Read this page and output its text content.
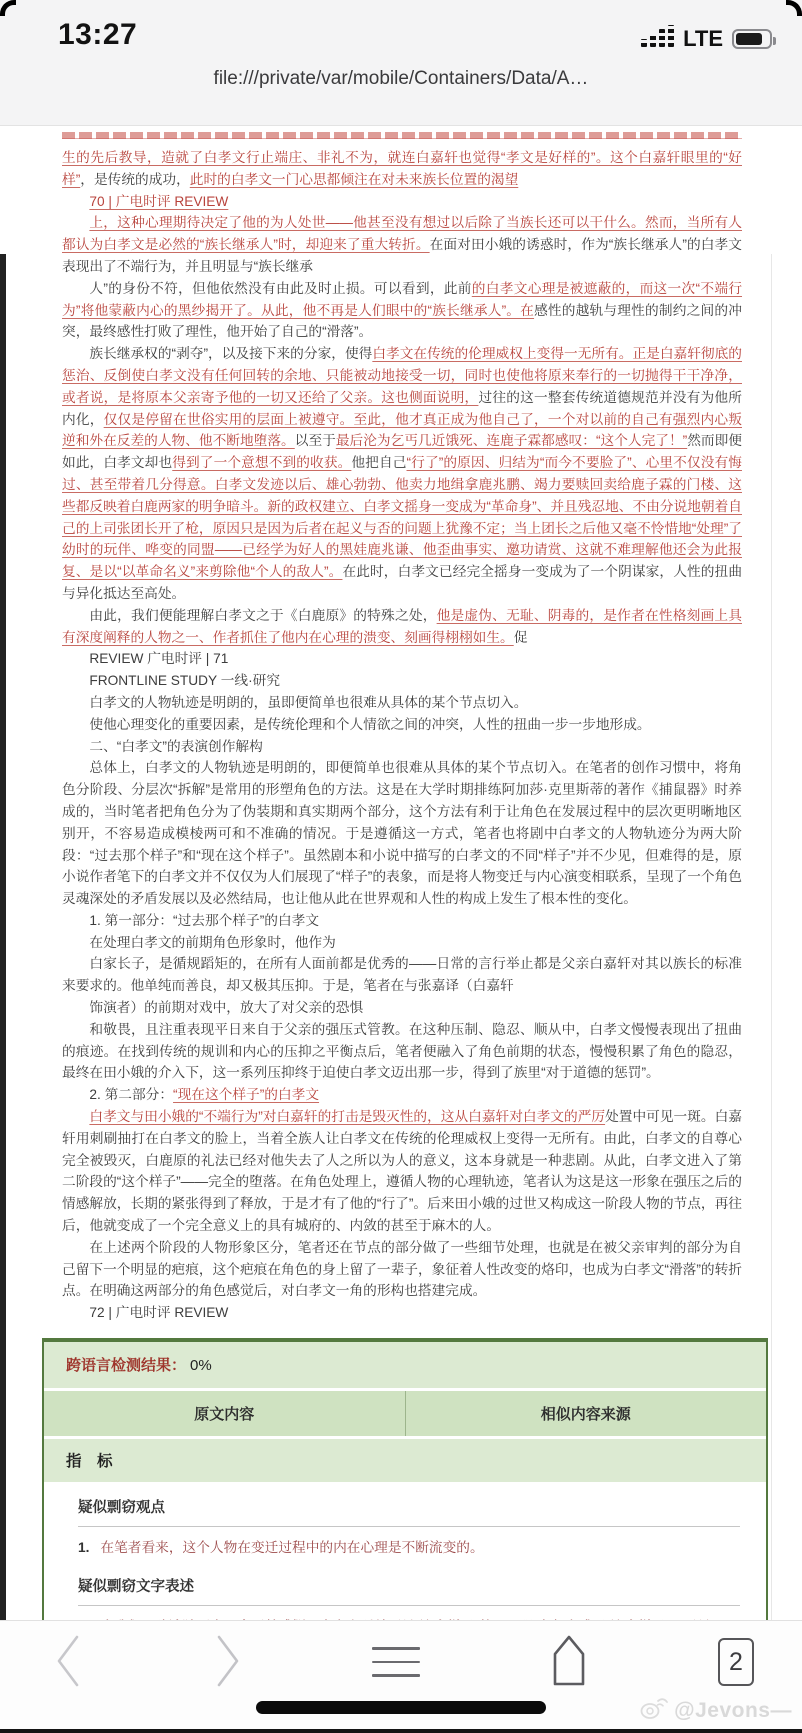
13:27	LTE
file:///private/var/mobile/Containers/Data/A…

生的先后教导，造就了白孝文行止端庄、非礼不为，就连白嘉轩也觉得“孝文是好样的”。这个白嘉轩眼里的“好样”，是传统的成功，此时的白孝文一门心思都倾注在对未来族长位置的渴望

70 | 广电时评 REVIEW

上，这种心理期待决定了他的为人处世——他甚至没有想过以后除了当族长还可以干什么。然而，当所有人都认为白孝文是必然的“族长继承人”时，却迎来了重大转折。在面对田小娥的诱惑时，作为“族长继承人”的白孝文表现出了不端行为，并且明显与“族长继承

人”的身份不符，但他依然没有由此及时止损。可以看到，此前的白孝文心理是被遮蔽的，而这一次“不端行为”将他蒙蔽内心的黑纱揭开了。从此，他不再是人们眼中的“族长继承人”。在感性的越轨与理性的制约之间的冲突，最终感性打败了理性，他开始了自己的“滑落”。

族长继承权的“剥夺”，以及接下来的分家，使得白孝文在传统的伦理威权上变得一无所有。正是白嘉轩彻底的惩治、反倒使白孝文没有任何回转的余地、只能被动地接受一切，同时也使他将原来奉行的一切抛得干干净净，或者说，是将原本父亲寄予他的一切又还给了父亲。这也侧面说明，过往的这一整套传统道德规范并没有为他所内化，仅仅是停留在世俗实用的层面上被遵守。至此，他才真正成为他自己了，一个对以前的自己有强烈内心叛逆和外在反差的人物、他不断地堕落。以至于最后沦为乞丐几近饿死、连鹿子霖都感叹：“这个人完了！”然而即便如此，白孝文却也得到了一个意想不到的收获。他把自己“行了”的原因、归结为“而今不要脸了”、心里不仅没有悔过、甚至带着几分得意。白孝文发迹以后、雄心勃勃、他卖力地缉拿鹿兆鹏、竭力要赎回卖给鹿子霖的门楼、这些都反映着白鹿两家的明争暗斗。新的政权建立、白孝文摇身一变成为“革命身”、并且残忍地、不由分说地朝着自己的上司张团长开了枪，原因只是因为后者在起义与否的问题上犹豫不定；当上团长之后他又毫不怜惜地“处理”了幼时的玩伴、哗变的同盟——已经学为好人的黑娃鹿兆谦、他歪曲事实、邀功请赏、这就不难理解他还会为此报复、是以“以革命名义”来剪除他“个人的敌人”。在此时，白孝文已经完全摇身一变成为了一个阴谋家，人性的扭曲与异化抵达至高处。

由此，我们便能理解白孝文之于《白鹿原》的特殊之处，他是虚伪、无耻、阴毒的，是作者在性格刻画上具有深度阐释的人物之一、作者抓住了他内在心理的溃变、刻画得栩栩如生。促

REVIEW 广电时评 | 71

FRONTLINE STUDY 一线·研究

白孝文的人物轨迹是明朗的，虽即便简单也很难从具体的某个节点切入。

使他心理变化的重要因素，是传统伦理和个人情欲之间的冲突，人性的扭曲一步一步地形成。

二、“白孝文”的表演创作解构

总体上，白孝文的人物轨迹是明朗的，即便简单也很难从具体的某个节点切入。在笔者的创作习惯中，将角色分阶段、分层次“拆解”是常用的形塑角色的方法。这是在大学时期排练阿加莎·克里斯蒂的著作《捕鼠器》时养成的，当时笔者把角色分为了伪装期和真实期两个部分，这个方法有利于让角色在发展过程中的层次更明晰地区别开，不容易造成模棱两可和不准确的情况。于是遵循这一方式，笔者也将剧中白孝文的人物轨迹分为两大阶段：“过去那个样子”和“现在这个样子”。虽然剧本和小说中描写的白孝文的不同“样子”并不少见，但难得的是，原小说作者笔下的白孝文并不仅仅为人们展现了“样子”的表象，而是将人物变迁与内心演变相联系，呈现了一个角色灵魂深处的矛盾发展以及必然结局，也让他从此在世界观和人性的构成上发生了根本性的变化。

1. 第一部分：“过去那个样子”的白孝文

在处理白孝文的前期角色形象时，他作为

白家长子，是循规蹈矩的，在所有人面前都是优秀的——日常的言行举止都是父亲白嘉轩对其以族长的标准来要求的。他单纯而善良，却又极其压抑。于是，笔者在与张嘉译（白嘉轩

饰演者）的前期对戏中，放大了对父亲的恐惧

和敬畏，且注重表现平日来自于父亲的强压式管教。在这种压制、隐忍、顺从中，白孝文慢慢表现出了扭曲的痕迹。在找到传统的规训和内心的压抑之平衡点后，笔者便融入了角色前期的状态，慢慢积累了角色的隐忍，最终在田小娥的介入下，这一系列压抑终于迫使白孝文迈出那一步，得到了族里“对于道德的惩罚”。

2. 第二部分：“现在这个样子”的白孝文

白孝文与田小娥的“不端行为”对白嘉轩的打击是毁灭性的，这从白嘉轩对白孝文的严厉处置中可见一斑。白嘉轩用刺刷抽打在白孝文的脸上，当着全族人让白孝文在传统的伦理威权上变得一无所有。由此，白孝文的自尊心完全被毁灭，白鹿原的礼法已经对他失去了人之所以为人的意义，这本身就是一种悲剧。从此，白孝文进入了第二阶段的“这个样子”——完全的堕落。在角色处理上，遵循人物的心理轨迹，笔者认为这是这一形象在强压之后的情感解放，长期的紧张得到了释放，于是才有了他的“行了”。后来田小娥的过世又构成这一阶段人物的节点，再往后，他就变成了一个完全意义上的具有城府的、内敛的甚至于麻木的人。

在上述两个阶段的人物形象区分，笔者还在节点的部分做了一些细节处理，也就是在被父亲审判的部分为自己留下一个明显的疤痕，这个疤痕在角色的身上留了一辈子，象征着人性改变的烙印，也成为白孝文“滑落”的转折点。在明确这两部分的角色感觉后，对白孝文一角的形构也搭建完成。

72 | 广电时评 REVIEW

跨语言检测结果： 0%
原文内容	相似内容来源
指　标
疑似剽窃观点
1. 在笔者看来，这个人物在变迁过程中的内在心理是不断流变的。
疑似剽窃文字表述
2
@Jevons—
